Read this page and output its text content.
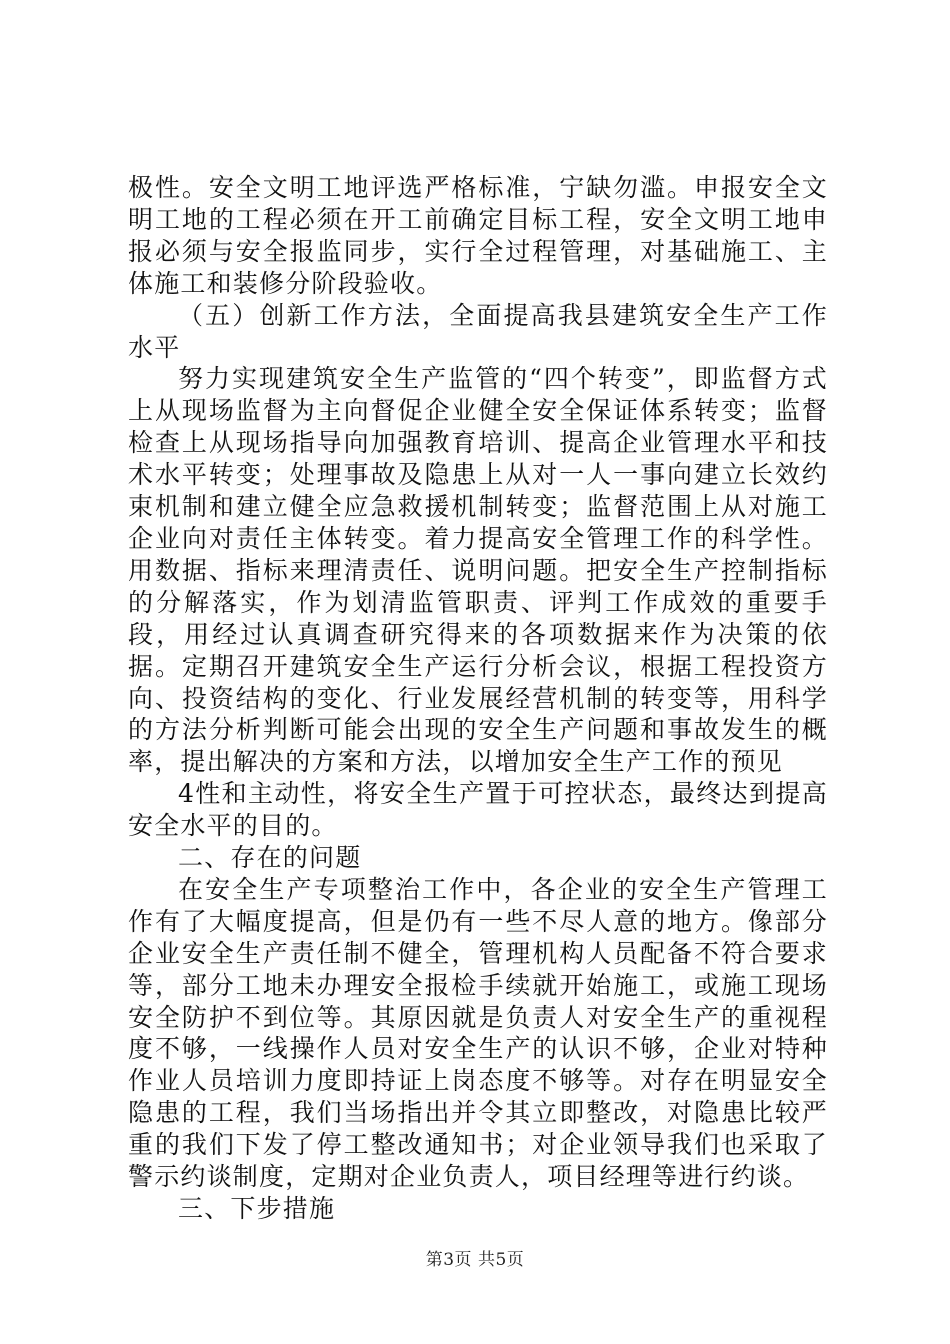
极性。安全文明工地评选严格标准，宁缺勿滥。申报安全文明工地的工程必须在开工前确定目标工程，安全文明工地申报必须与安全报监同步，实行全过程管理，对基础施工、主体施工和装修分阶段验收。

（五）创新工作方法，全面提高我县建筑安全生产工作水平

努力实现建筑安全生产监管的“四个转变”，即监督方式上从现场监督为主向督促企业健全安全保证体系转变；监督检查上从现场指导向加强教育培训、提高企业管理水平和技术水平转变；处理事故及隐患上从对一人一事向建立长效约束机制和建立健全应急救援机制转变；监督范围上从对施工企业向对责任主体转变。着力提高安全管理工作的科学性。用数据、指标来理清责任、说明问题。把安全生产控制指标的分解落实，作为划清监管职责、评判工作成效的重要手段，用经过认真调查研究得来的各项数据来作为决策的依据。定期召开建筑安全生产运行分析会议，根据工程投资方向、投资结构的变化、行业发展经营机制的转变等，用科学的方法分析判断可能会出现的安全生产问题和事故发生的概率，提出解决的方案和方法，以增加安全生产工作的预见

4性和主动性，将安全生产置于可控状态，最终达到提高安全水平的目的。

二、存在的问题

在安全生产专项整治工作中，各企业的安全生产管理工作有了大幅度提高，但是仍有一些不尽人意的地方。像部分企业安全生产责任制不健全，管理机构人员配备不符合要求等，部分工地未办理安全报检手续就开始施工，或施工现场安全防护不到位等。其原因就是负责人对安全生产的重视程度不够，一线操作人员对安全生产的认识不够，企业对特种作业人员培训力度即持证上岗态度不够等。对存在明显安全隐患的工程，我们当场指出并令其立即整改，对隐患比较严重的我们下发了停工整改通知书；对企业领导我们也采取了警示约谈制度，定期对企业负责人，项目经理等进行约谈。

三、下步措施

第3页 共5页
